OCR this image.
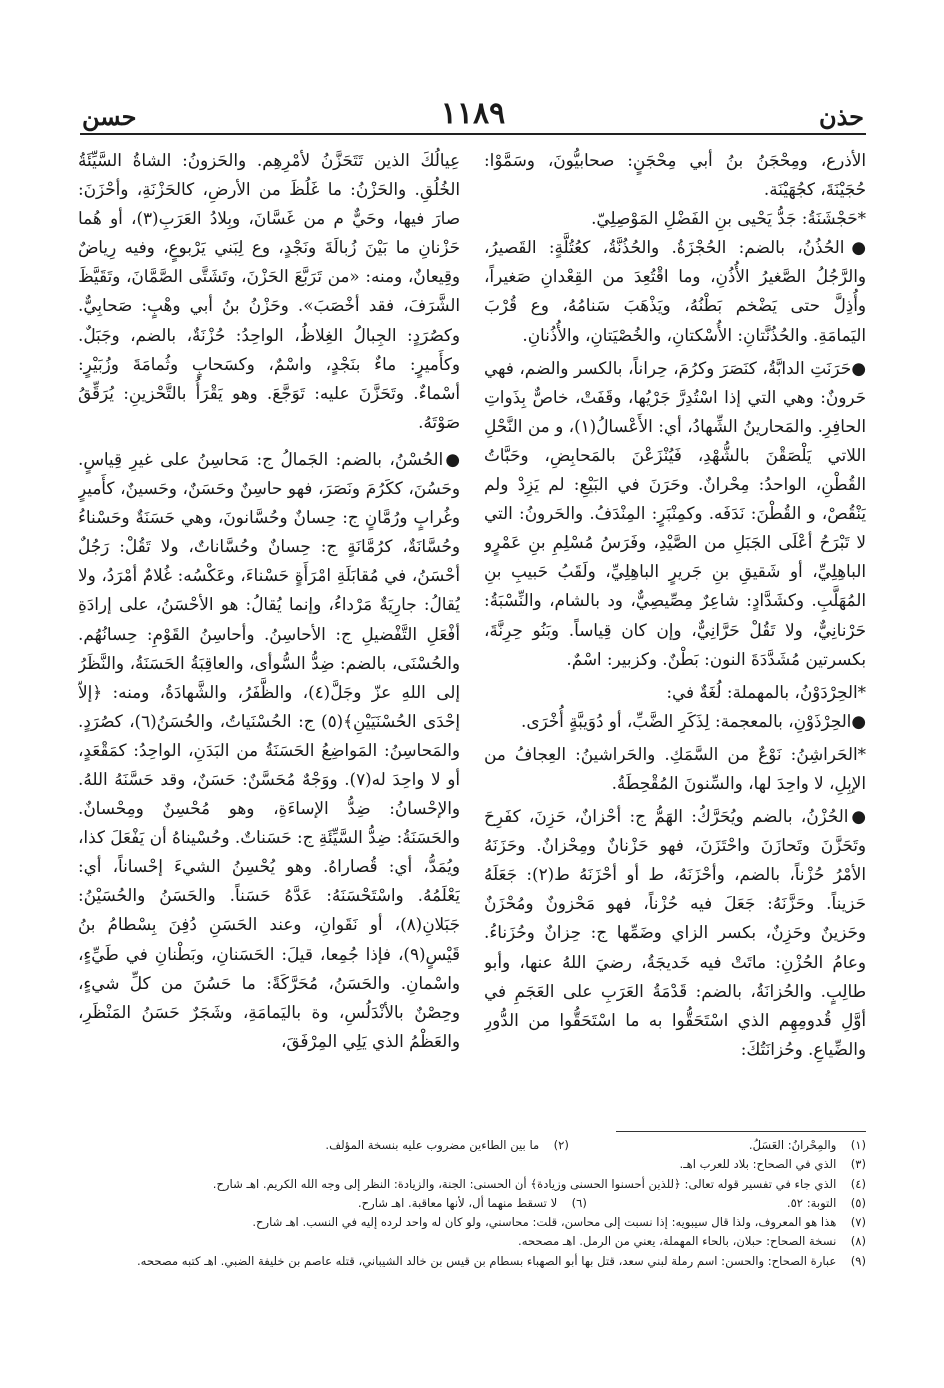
حذن
١١٨٩
حسن

الأذرع، ومِحْجَنُ بنُ أبي مِحْجَنٍ: صحابيُّونَ، وسَمَّوْا: حُجَيْنَةَ، كجُهَيْنَة.

*حَجْشَنَةُ: جَدُّ يَحْيى بنِ الفَضْلِ المَوْصِلِيّ.

●الحُذُنُ، بالضم: الحُجْزَةُ. والحُذُنَّةُ، كعُتُلَّةٍ: القَصيرُ، والرَّجُلُ الصَّغيرُ الأُذُنِ، وما اقْتُعِدَ من القِعْدانِ صَغيراً، وأُذِلَّ حتى يَضْخم بَطْنُهُ، ويَذْهَبَ سَنامُهُ، وع قُرْبَ اليَمامَةِ. والحُذُنَّتانِ: الأُسْكتانِ، والخُصْيَتانِ، والأُذُنانِ.

●حَرَنَتِ الدابَّةُ، كنَصَرَ وكرُمَ، حِراناً، بالكسر والضم، فهي حَرونٌ: وهي التي إذا اسْتُدِرَّ جَرْيُها، وقَفَتْ، خاصٌّ بِذَواتِ الحافِرِ. والمَحارينُ الشِّهادُ، أي: الأَعْسالُ(١)، و من النَّحْلِ اللاتي يَلْصَقْنَ بالشُّهْدِ، فَيُنْزَعْنَ بالمَحابِضِ، وحَبَّاتُ القُطْنِ، الواحدُ: مِحْرانٌ. وحَرَنَ في البَيْعِ: لم يَزِدْ ولم يَنْقُصْ، و القُطْنَ: نَدَفَه. وكمِنْبَرٍ: المِنْدَفُ. والحَرونُ: التي لا تَبْرَحُ أعْلَى الجَبَلِ من الصَّيْدِ، وفَرَسُ مُسْلِمِ بنِ عَمْرٍو الباهِلِيِّ، أو شَقيقِ بنِ جَريرٍ الباهِلِيِّ، ولَقَبُ حَبيبِ بنِ المُهَلَّبِ. وكشَدَّادٍ: شاعِرٌ مِصِّيصِيٌّ، ود بالشام، والنِّسْبَةُ: حَرْنانِيٌّ، ولا تَقُلْ حَرَّانِيٌّ، وإن كان قِياساً. وبَنُو حِرِنَّةَ، بكسرتين مُشَدَّدَةَ النون: بَطْنٌ. وكزبير: اسْمٌ.

*الحِرْدَوْنُ، بالمهملة: لُغَةٌ في:

●الحِرْذَوْنِ، بالمعجمة: لِذَكَرِ الضَّبِّ، أو دُوَيبَّةٍ أُخْرَى.

*الحَراشِنُ: نَوْعٌ من السَّمَكِ. والحَراشينُ: العِجافُ من الإبِلِ، لا واحِدَ لها، والسِّنونَ المُقْحِطَةُ.

●الحُزْنُ، بالضم ويُحَرَّكُ: الهَمُّ ج: أحْزانٌ، حَزِنَ، كفَرِحَ وتَحَزَّنَ وتَحازَنَ واحْتَزَنَ، فهو حَزْنانٌ ومِحْزانٌ. وحَزَنَهُ الأمْرُ حُزْناً، بالضم، وأحْزَنَهُ، ط أو أحْزَنَهُ ط(٢): جَعَلَهُ حَزيناً. وحَزَّنَهُ: جَعَلَ فيه حُزْناً، فهو مَحْزونٌ ومُحْزَنٌ وحَزينٌ وحَزِنٌ، بكسر الزاي وضَمِّها ج: حِزانٌ وحُزَناءُ. وعامُ الحُزْنِ: ماتَتْ فيه خَديجَةُ، رضيَ اللهُ عنها، وأبو طالِبٍ. والحُزانَةُ، بالضم: قَدْمَةُ العَرَبِ على العَجَمِ في أوَّلِ قُدومِهِم الذي اسْتَحَقُّوا به ما اسْتَحَقُّوا من الدُّورِ والضِّياعِ. وحُزانَتُكَ:

عِيالُكَ الذين تَتَحَزَّنُ لأمْرِهِم. والحَزونُ: الشاةُ السَّيِّئَةُ الخُلُقِ. والحَزْنُ: ما غَلُظَ من الأرضِ، كالحَزْنَةِ، وأحْزَنَ: صارَ فيها، وحَيٌّ م من غَسَّانَ، وبِلادُ العَرَبِ(٣)، أو هُما حَزْنانِ ما بَيْنَ زُبالَةَ ونَجْدٍ، وع لِبَني يَرْبوعٍ، وفيه رِياضٌ وقِيعانٌ، ومنه: «من تَرَبَّعَ الحَزْنَ، وتَشَتَّى الصَّمَّانَ، وتَقَيَّظَ الشَّرَفَ، فقد أخْصَبَ». وحَزْنُ بنُ أبي وهْبٍ: صَحابِيٌّ. وكصُرَدٍ: الجِبالُ الغِلاظُ، الواحِدُ: حُزْنَةٌ، بالضم، وجَبَلٌ. وكأَميرٍ: ماءٌ بنَجْدٍ، واسْمٌ، وكسَحابٍ وثُمامَةَ وزُبَيْرٍ: أسْماءٌ. وتَحَزَّنَ عليه: تَوَجَّعَ. وهو يَقْرَأُ بالتَّحْزينِ: يُرَقِّقُ صَوْتَهُ.

●الحُسْنُ، بالضم: الجَمالُ ج: مَحاسِنُ على غيرِ قِياسٍ. وحَسُنَ، ككَرُمَ ونَصَرَ، فهو حاسِنٌ وحَسَنٌ، وحَسينٌ، كأَميرٍ وغُرابٍ ورُمَّانٍ ج: حِسانٌ وحُسَّانونَ، وهي حَسَنَةٌ وحَسْناءُ وحُسَّانَةٌ، كرُمَّانَةٍ ج: حِسانٌ وحُسَّاناتٌ، ولا تَقُلْ: رَجُلٌ أحْسَنُ، في مُقابَلَةِ امْرَأَةٍ حَسْناءَ، وعَكْسُه: غُلامٌ أمْرَدُ، ولا يُقالُ: جارِيَةٌ مَرْداءُ، وإنما يُقالُ: هو الأحْسَنُ، على إرادَةِ أفْعَلِ التَّفْضيلِ ج: الأحاسِنُ. وأحاسِنُ القَوْمِ: حِسانُهُم. والحُسْنَى، بالضم: ضِدُّ السُّوأى، والعاقِبَةُ الحَسَنَةُ، والنَّظَرُ إلى اللهِ عزّ وجَلَّ(٤)، والظَّفَرُ، والشَّهادَةُ، ومنه: ﴿إلاّ إحْدَى الحُسْنَيَيْنِ﴾(٥) ج: الحُسْنَياتُ، والحُسَنُ(٦)، كصُرَدٍ. والمَحاسِنُ: المَواضِعُ الحَسَنَةُ من البَدَنِ، الواحِدُ: كمَقْعَدٍ، أو لا واحِدَ له(٧). ووَجْهٌ مُحَسَّنٌ: حَسَنٌ، وقد حَسَّنَهُ اللهُ. والإحْسانُ: ضِدُّ الإساءَةِ، وهو مُحْسِنٌ ومِحْسانٌ. والحَسَنَةُ: ضِدُّ السَّيِّئَةِ ج: حَسَناتٌ. وحُسْيناهُ أن يَفْعَلَ كذا، ويُمَدُّ، أي: قُصاراهُ. وهو يُحْسِنُ الشيءَ إحْساناً، أي: يَعْلَمُهُ. واسْتَحْسَنَهُ: عَدَّهُ حَسَناً. والحَسَنُ والحُسَيْنُ: جَبَلانِ(٨)، أو نَقَوانِ، وعند الحَسَنِ دُفِنَ بِسْطامُ بنُ قَيْسٍ(٩)، فإذا جُمِعا، قيلَ: الحَسَنانِ، وبَطْنانِ في طَيِّءٍ، واسْمانِ. والحَسَنُ، مُحَرَّكَةً: ما حَسُنَ من كلِّ شيءٍ، وحِصْنٌ بالأنْدَلُسِ، وة باليَمامَةِ، وشَجَرٌ حَسَنُ المَنْظَرِ، والعَظْمُ الذي يَلِي المِرْفَقَ،

(١) والمِحْرانُ: العَسَلُ.
(٢) ما بين الطاءين مضروب عليه بنسخة المؤلف.
(٣) الذي في الصحاح: بلاد للعرب اهـ.
(٤) الذي جاء في تفسير قوله تعالى: ﴿للذين أحسنوا الحسنى وزيادة﴾ أن الحسنى: الجنة، والزيادة: النظر إلى وجه الله الكريم. اهـ شارح.
(٥) التوبة: ٥٢.
(٦) لا تسقط منهما أل، لأنها معاقبة. اهـ شارح.
(٧) هذا هو المعروف، ولذا قال سيبويه: إذا نسبت إلى محاسن، قلت: محاسني، ولو كان له واحد لرده إليه في النسب. اهـ شارح.
(٨) نسخة الصحاح: حبلان، بالحاء المهملة، يعني من الرمل. اهـ مصححه.
(٩) عبارة الصحاح: والحسن: اسم رملة لبني سعد، قتل بها أبو الصهباء بسطام بن قيس بن خالد الشيباني، قتله عاصم بن خليفة الضبي. اهـ كتبه مصححه.
